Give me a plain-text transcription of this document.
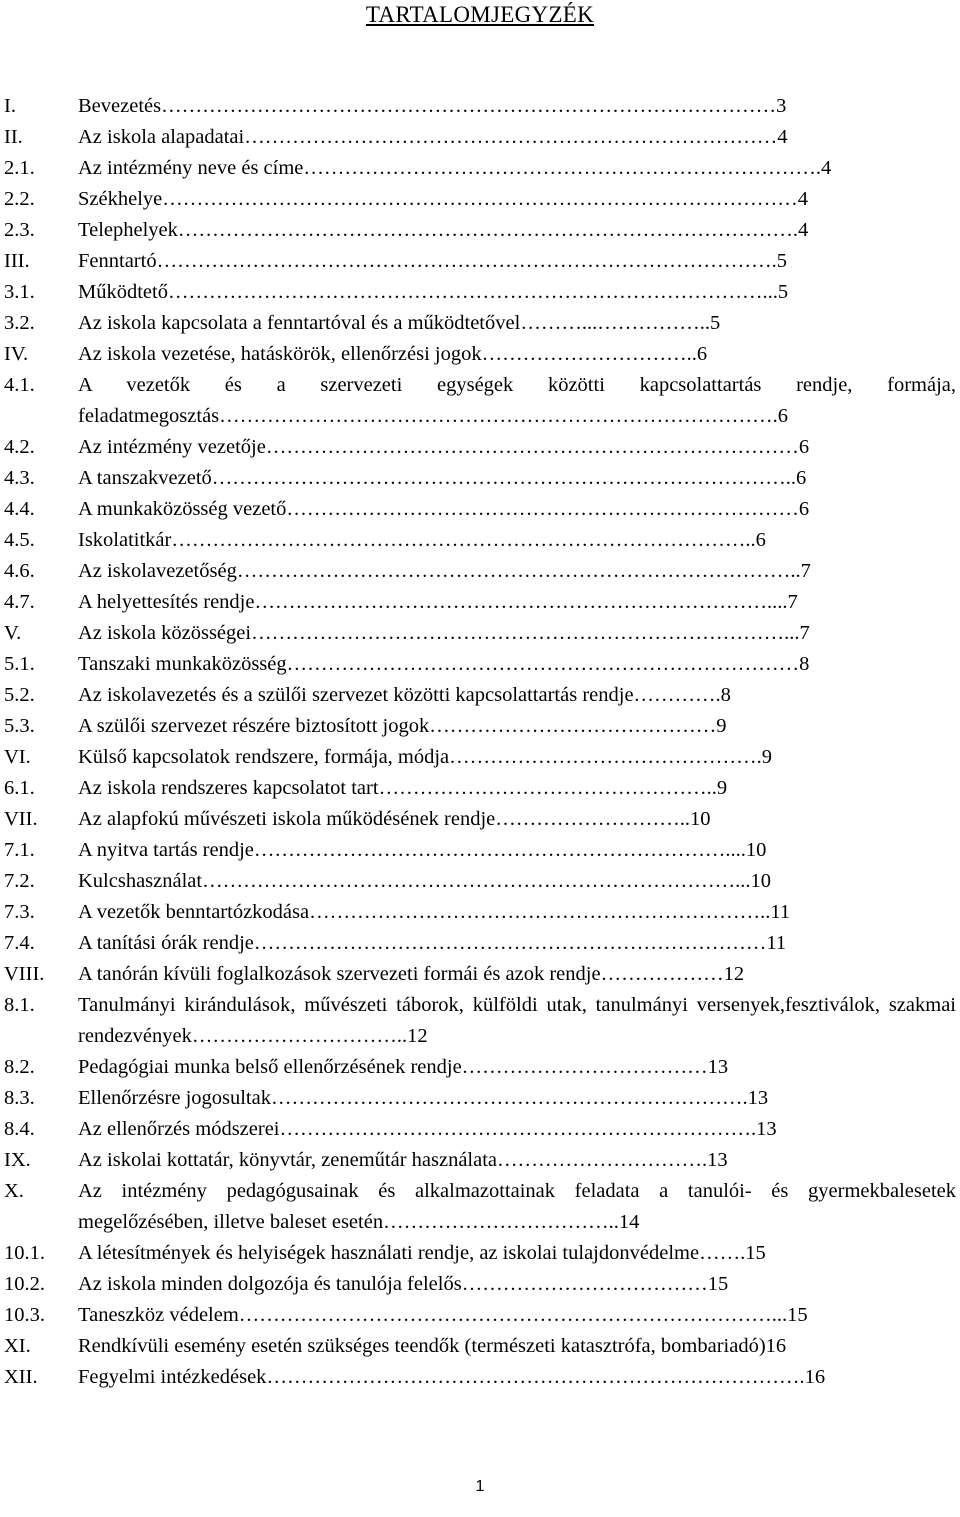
TARTALOMJEGYZÉK
I.	Bevezetés………………………………………………………………………………3
II.	Az iskola alapadatai……………………………………………………………………4
2.1.	Az intézmény neve és címe………………………………………………………………….4
2.2.	Székhelye…………………………………………………………………………………4
2.3.	Telephelyek……………………………………………………………………………….4
III.	Fenntartó……………………………………………………………………………….5
3.1.	Működtető……………………………………………………………………………...5
3.2.	Az iskola kapcsolata a fenntartóval és a működtetővel………...……………..5
IV.	Az iskola vezetése, hatáskörök, ellenőrzési jogok…………………………..6
4.1.	A vezetők és a szervezeti egységek közötti kapcsolattartás rendje, formája, feladatmegosztás……………………………………………………………………….6
4.2.	Az intézmény vezetője……………………………………………………………………6
4.3.	A tanszakvezető…………………………………………………………………………..6
4.4.	A munkaközösség vezető…………………………………………………………………6
4.5.	Iskolatitkár…………………………………………………………………………..6
4.6.	Az iskolavezetőség………………………………………………………………………..7
4.7.	A helyettesítés rendje…………………………………………………………………....7
V.	Az iskola közösségei……………………………………………………………………...7
5.1.	Tanszaki munkaközösség…………………………………………………………………8
5.2.	Az iskolavezetés és a szülői szervezet közötti kapcsolattartás rendje………….8
5.3.	A szülői szervezet részére biztosított jogok……………………………………9
VI.	Külső kapcsolatok rendszere, formája, módja……………………………………….9
6.1.	Az iskola rendszeres kapcsolatot tart…………………………………………..9
VII.	Az alapfokú művészeti iskola működésének rendje………………………..10
7.1.	A nyitva tartás rendje……………………………………………………………....10
7.2.	Kulcshasználat……………………………………………………………………...10
7.3.	A vezetők benntartózkodása…………………………………………………………..11
7.4.	A tanítási órák rendje…………………………………………………………………11
VIII.	A tanórán kívüli foglalkozások szervezeti formái és azok rendje………………12
8.1.	Tanulmányi kirándulások, művészeti táborok, külföldi utak, tanulmányi versenyek,fesztiválok, szakmai rendezvények…………………………..12
8.2.	Pedagógiai munka belső ellenőrzésének rendje………………………………13
8.3.	Ellenőrzésre jogosultak…………………………………………………………….13
8.4.	Az ellenőrzés módszerei…………………………………………………………….13
IX.	Az iskolai kottatár, könyvtár, zeneműtár használata………………………….13
X.	Az intézmény pedagógusainak és alkalmazottainak feladata a tanulói- és gyermekbalesetek megelőzésében, illetve baleset esetén……………………………..14
10.1.	A létesítmények és helyiségek használati rendje, az iskolai tulajdonvédelme…….15
10.2.	Az iskola minden dolgozója és tanulója felelős………………………………15
10.3.	Taneszköz védelem……………………………………………………………………...15
XI.	Rendkívüli esemény esetén szükséges teendők (természeti katasztrófa, bombariadó)16
XII.	Fegyelmi intézkedések…………………………………………………………………….16
1
